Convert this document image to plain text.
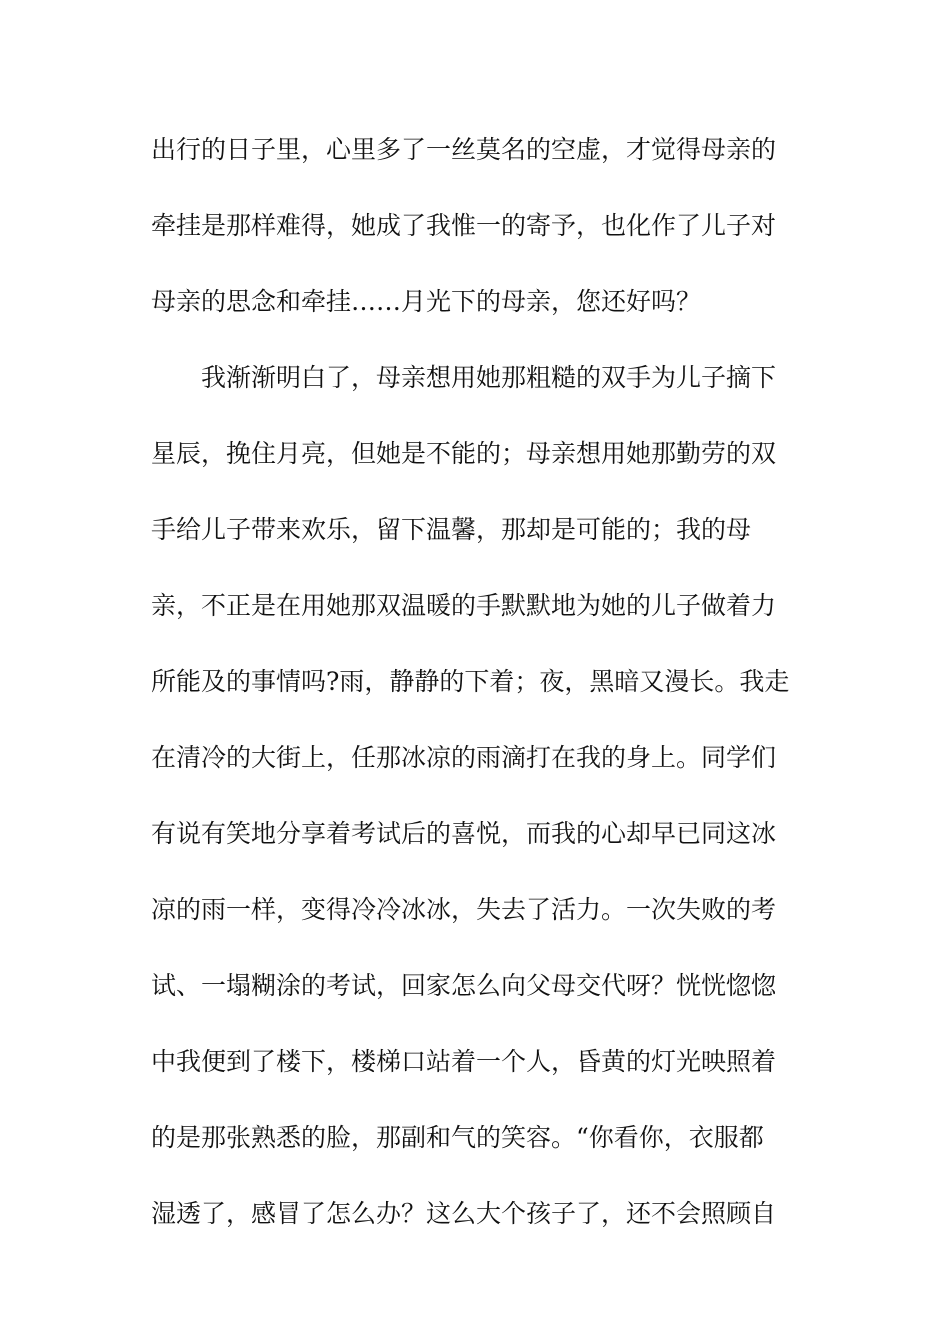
出行的日子里，心里多了一丝莫名的空虚，才觉得母亲的
牵挂是那样难得，她成了我惟一的寄予，也化作了儿子对
母亲的思念和牵挂……月光下的母亲，您还好吗？
　　我渐渐明白了，母亲想用她那粗糙的双手为儿子摘下
星辰，挽住月亮，但她是不能的；母亲想用她那勤劳的双
手给儿子带来欢乐，留下温馨，那却是可能的；我的母
亲，不正是在用她那双温暖的手默默地为她的儿子做着力
所能及的事情吗?雨，静静的下着；夜，黑暗又漫长。我走
在清冷的大街上，任那冰凉的雨滴打在我的身上。同学们
有说有笑地分享着考试后的喜悦，而我的心却早已同这冰
凉的雨一样，变得冷冷冰冰，失去了活力。一次失败的考
试、一塌糊涂的考试，回家怎么向父母交代呀？恍恍惚惚
中我便到了楼下，楼梯口站着一个人，昏黄的灯光映照着
的是那张熟悉的脸，那副和气的笑容。“你看你，衣服都
湿透了，感冒了怎么办？这么大个孩子了，还不会照顾自
